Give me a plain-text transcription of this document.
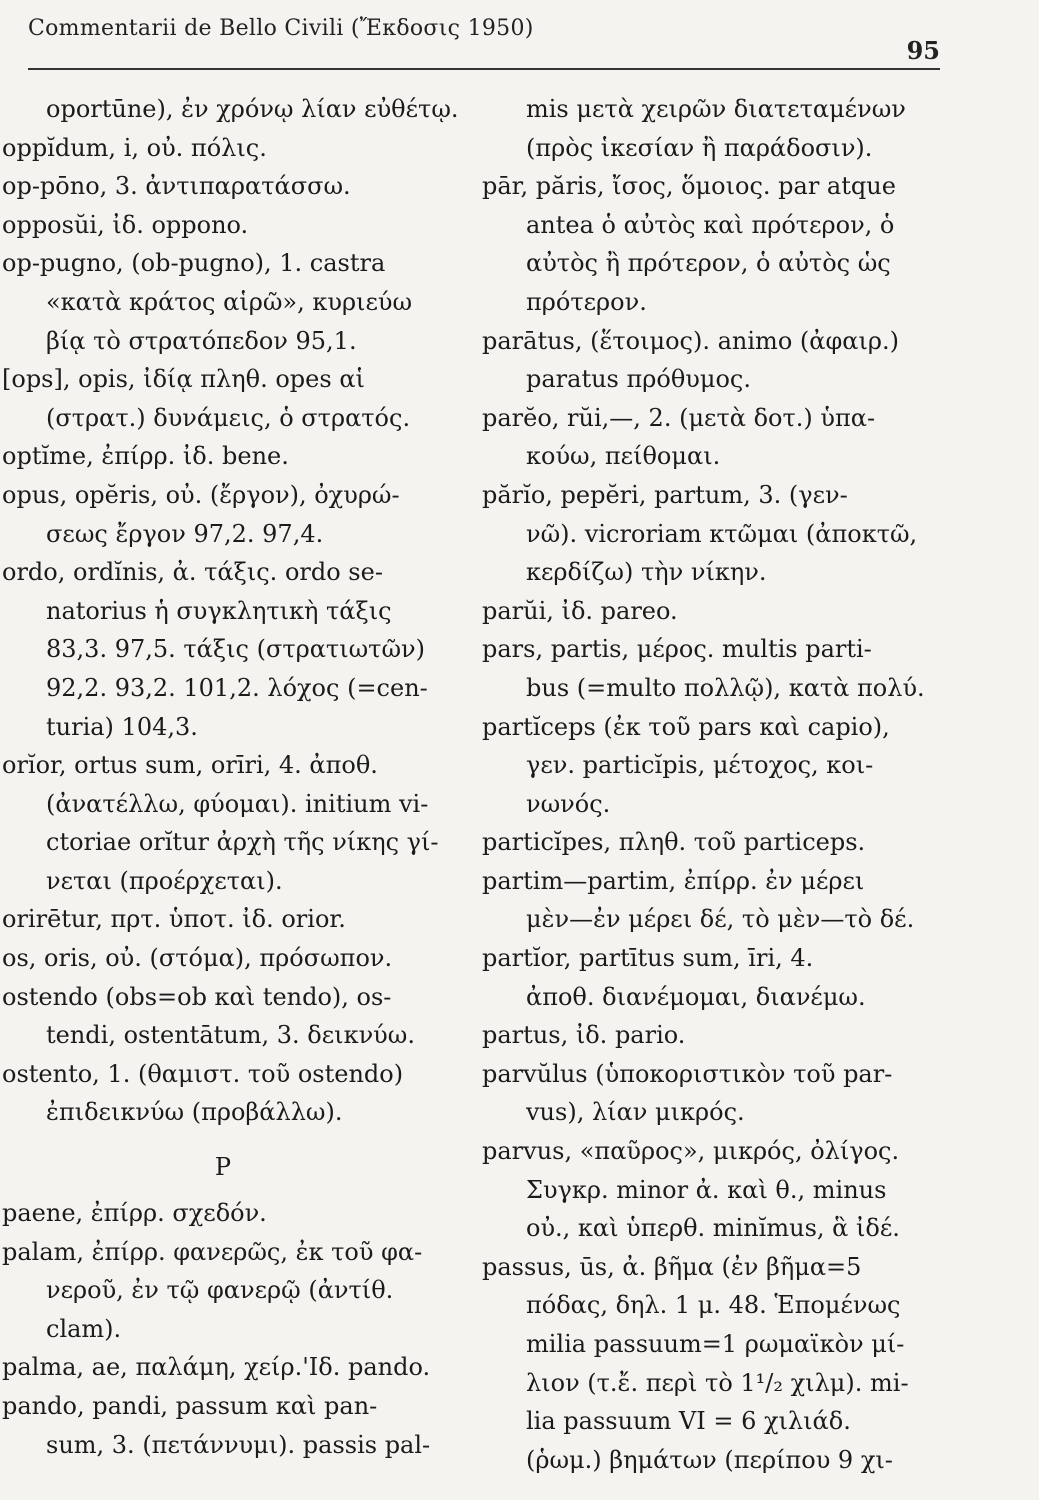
Commentarii de Bello Civili (Ἔκδοσις 1950)
95
oportūne), ἐν χρόνῳ λίαν εὐθέτῳ.
oppĭdum, i, οὐ. πόλις.
op-pōno, 3. ἀντιπαρατάσσω.
opposŭi, ἰδ. oppono.
op-pugno, (ob-pugno), 1. castra
«κατὰ κράτος αἱρῶ», κυριεύω
βίᾳ τὸ στρατόπεδον 95,1.
[ops], opis, ἰδίᾳ πληθ. opes αἱ
(στρατ.) δυνάμεις, ὁ στρατός.
optĭme, ἐπίρρ. ἰδ. bene.
opus, opĕris, οὐ. (ἔργον), ὀχυρώ-
σεως ἔργον 97,2. 97,4.
ordo, ordĭnis, ἀ. τάξις. ordo se-
natorius ἡ συγκλητικὴ τάξις
83,3. 97,5. τάξις (στρατιωτῶν)
92,2. 93,2. 101,2. λόχος (=cen-
turia) 104,3.
orĭor, ortus sum, orīri, 4. ἀποθ.
(ἀνατέλλω, φύομαι). initium vi-
ctoriae orĭtur ἀρχὴ τῆς νίκης γί-
νεται (προέρχεται).
orirētur, πρτ. ὑποτ. ἰδ. orior.
os, oris, οὐ. (στόμα), πρόσωπον.
ostendo (obs=ob καὶ tendo), os-
tendi, ostentātum, 3. δεικνύω.
ostento, 1. (θαμιστ. τοῦ ostendo)
ἐπιδεικνύω (προβάλλω).
P
paene, ἐπίρρ. σχεδόν.
palam, ἐπίρρ. φανερῶς, ἐκ τοῦ φα-
νεροῦ, ἐν τῷ φανερῷ (ἀντίθ.
clam).
palma, ae, παλάμη, χείρ.'Ιδ. pando.
pando, pandi, passum καὶ pan-
sum, 3. (πετάννυμι). passis pal-
mis μετὰ χειρῶν διατεταμένων
(πρὸς ἱκεσίαν ἢ παράδοσιν).
pār, păris, ἴσος, ὅμοιος. par atque
antea ὁ αὐτὸς καὶ πρότερον, ὁ
αὐτὸς ἢ πρότερον, ὁ αὐτὸς ὡς
πρότερον.
parātus, (ἕτοιμος). animo (ἀφαιρ.)
paratus πρόθυμος.
parĕo, rŭi,—, 2. (μετὰ δοτ.) ὑπα-
κούω, πείθομαι.
părĭo, pepĕri, partum, 3. (γεν-
νῶ). vicroriam κτῶμαι (ἀποκτῶ,
κερδίζω) τὴν νίκην.
parŭi, ἰδ. pareo.
pars, partis, μέρος. multis parti-
bus (=multo πολλῷ), κατὰ πολύ.
partĭceps (ἐκ τοῦ pars καὶ capio),
γεν. particĭpis, μέτοχος, κοι-
νωνός.
particĭpes, πληθ. τοῦ particeps.
partim—partim, ἐπίρρ. ἐν μέρει
μὲν—ἐν μέρει δέ, τὸ μὲν—τὸ δέ.
partĭor, partītus sum, īri, 4.
ἀποθ. διανέμομαι, διανέμω.
partus, ἰδ. pario.
parvŭlus (ὑποκοριστικὸν τοῦ par-
vus), λίαν μικρός.
parvus, «παῦρος», μικρός, ὀλίγος.
Συγκρ. minor ἀ. καὶ θ., minus
οὐ., καὶ ὑπερθ. minĭmus, ἃ ἰδέ.
passus, ūs, ἀ. βῆμα (ἐν βῆμα=5
πόδας, δηλ. 1 μ. 48. Ἑπομένως
milia passuum=1 ρωμαϊκὸν μί-
λιον (τ.ἔ. περὶ τὸ 1¹/₂ χιλμ). mi-
lia passuum VI = 6 χιλιάδ.
(ῥωμ.) βημάτων (περίπου 9 χι-
